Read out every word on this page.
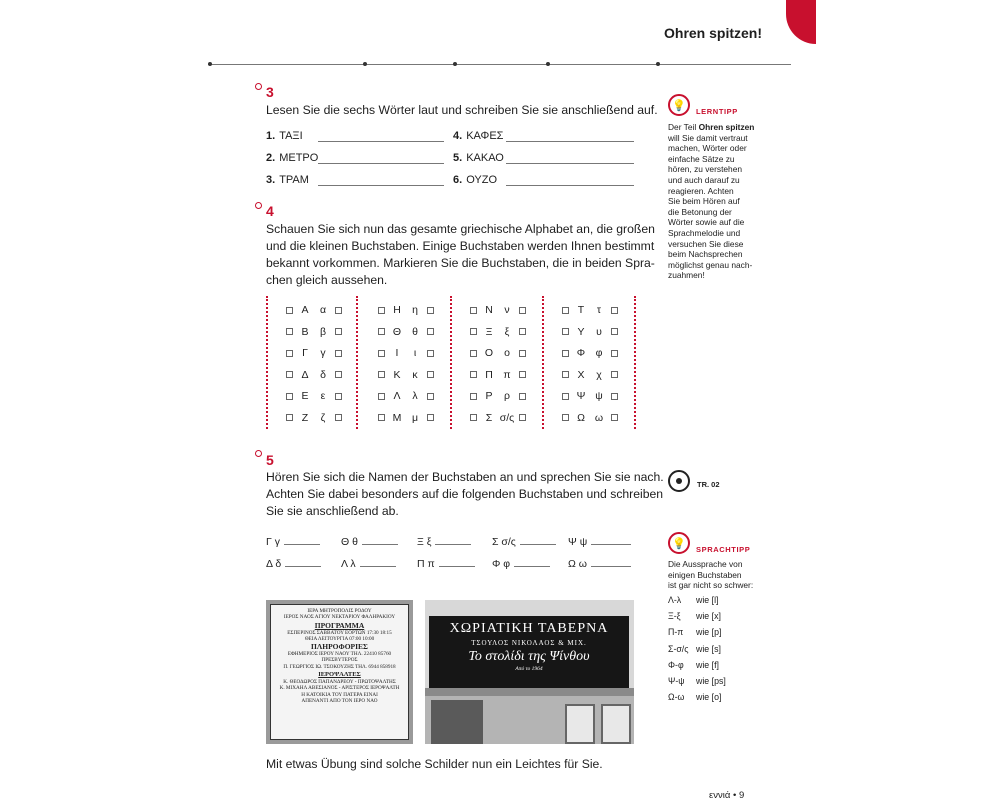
Ohren spitzen!
3
Lesen Sie die sechs Wörter laut und schreiben Sie sie anschließend auf.
1. ΤΑΞΙ
2. ΜΕΤΡΟ
3. ΤΡΑΜ
4. ΚΑΦΕΣ
5. ΚΑΚΑΟ
6. ΟΥΖΟ
4
Schauen Sie sich nun das gesamte griechische Alphabet an, die großen
und die kleinen Buchstaben. Einige Buchstaben werden Ihnen bestimmt
bekannt vorkommen. Markieren Sie die Buchstaben, die in beiden Spra-
chen gleich aussehen.
Α	α
Β	β
Γ	γ
Δ	δ
Ε	ε
Ζ	ζ
Η	η
Θ	θ
Ι	ι
Κ	κ
Λ	λ
Μ	μ
Ν	ν
Ξ	ξ
Ο	ο
Π	π
Ρ	ρ
Σ σ/ς
Τ	τ
Υ	υ
Φ φ
Χ	χ
Ψ ψ
Ω ω
5
Hören Sie sich die Namen der Buchstaben an und sprechen Sie sie nach.
Achten Sie dabei besonders auf die folgenden Buchstaben und schreiben
Sie sie anschließend ab.
Γ γ	Θ θ	Ξ ξ	Σ σ/ς	Ψ ψ
Δ δ	Λ λ	Π π	Φ φ	Ω ω
ΙΕΡΑ ΜΗΤΡΟΠΟΛΙΣ ΡΟΔΟΥ
ΙΕΡΟΣ ΝΑΟΣ ΑΓΙΟΥ ΝΕΚΤΑΡΙΟΥ ΦΑΛΗΡΑΚΙΟΥ
ΠΡΟΓΡΑΜΜΑ
ΕΣΠΕΡΙΝΟΣ ΣΑΒΒΑΤΟΥ ΕΟΡΤΩΝ 17:30 18:15
ΘΕΙΑ ΛΕΙΤΟΥΡΓΙΑ 07:00 10:00
ΠΛΗΡΟΦΟΡΙΕΣ
ΕΦΗΜΕΡΙΟΣ ΙΕΡΟΥ ΝΑΟΥ ΤΗΛ. 22410 85760
ΠΡΕΣΒΥΤΕΡΟΣ
Π. ΓΕΩΡΓΙΟΣ ΙΩ. ΤΣΟΚΟΥΖΗΣ ΤΗΛ. 6944 858918
ΙΕΡΟΨΑΛΤΕΣ
Κ. ΘΕΟΔΩΡΟΣ ΠΑΠΑΝΔΡΕΟΥ - ΠΡΩΤΟΨΑΛΤΗΣ
Κ. ΜΙΧΑΗΛ ΑΒΕΣΙΑΝΟΣ - ΑΡΙΣΤΕΡΟΣ ΙΕΡΟΨΑΛΤΗ
Η ΚΑΤΟΙΚΙΑ ΤΟΥ ΠΑΤΕΡΑ ΕΙΝΑΙ
ΑΠΕΝΑΝΤΙ ΑΠΟ ΤΟΝ ΙΕΡΟ ΝΑΟ
ΧΩΡΙΑΤΙΚΗ ΤΑΒΕΡΝΑ
ΤΣΟΥΛΟΣ ΝΙΚΟΛΑΟΣ & ΜΙΧ.
Το στολίδι της Ψίνθου
Από το 1964
Mit etwas Übung sind solche Schilder nun ein Leichtes für Sie.
💡	LERNTIPP
Der Teil Ohren spitzen will Sie damit vertraut
machen, Wörter oder
einfache Sätze zu
hören, zu verstehen
und auch darauf zu
reagieren. Achten
Sie beim Hören auf
die Betonung der
Wörter sowie auf die
Sprachmelodie und
versuchen Sie diese
beim Nachsprechen
möglichst genau nach-
zuahmen!
TR. 02
💡	SPRACHTIPP
Die Aussprache von
einigen Buchstaben
ist gar nicht so schwer:
Λ-λ	wie [l]
Ξ-ξ	wie [x]
Π-π	wie [p]
Σ-σ/ς wie [s]
Φ-φ	wie [f]
Ψ-ψ	wie [ps]
Ω-ω	wie [o]
εννιά • 9
